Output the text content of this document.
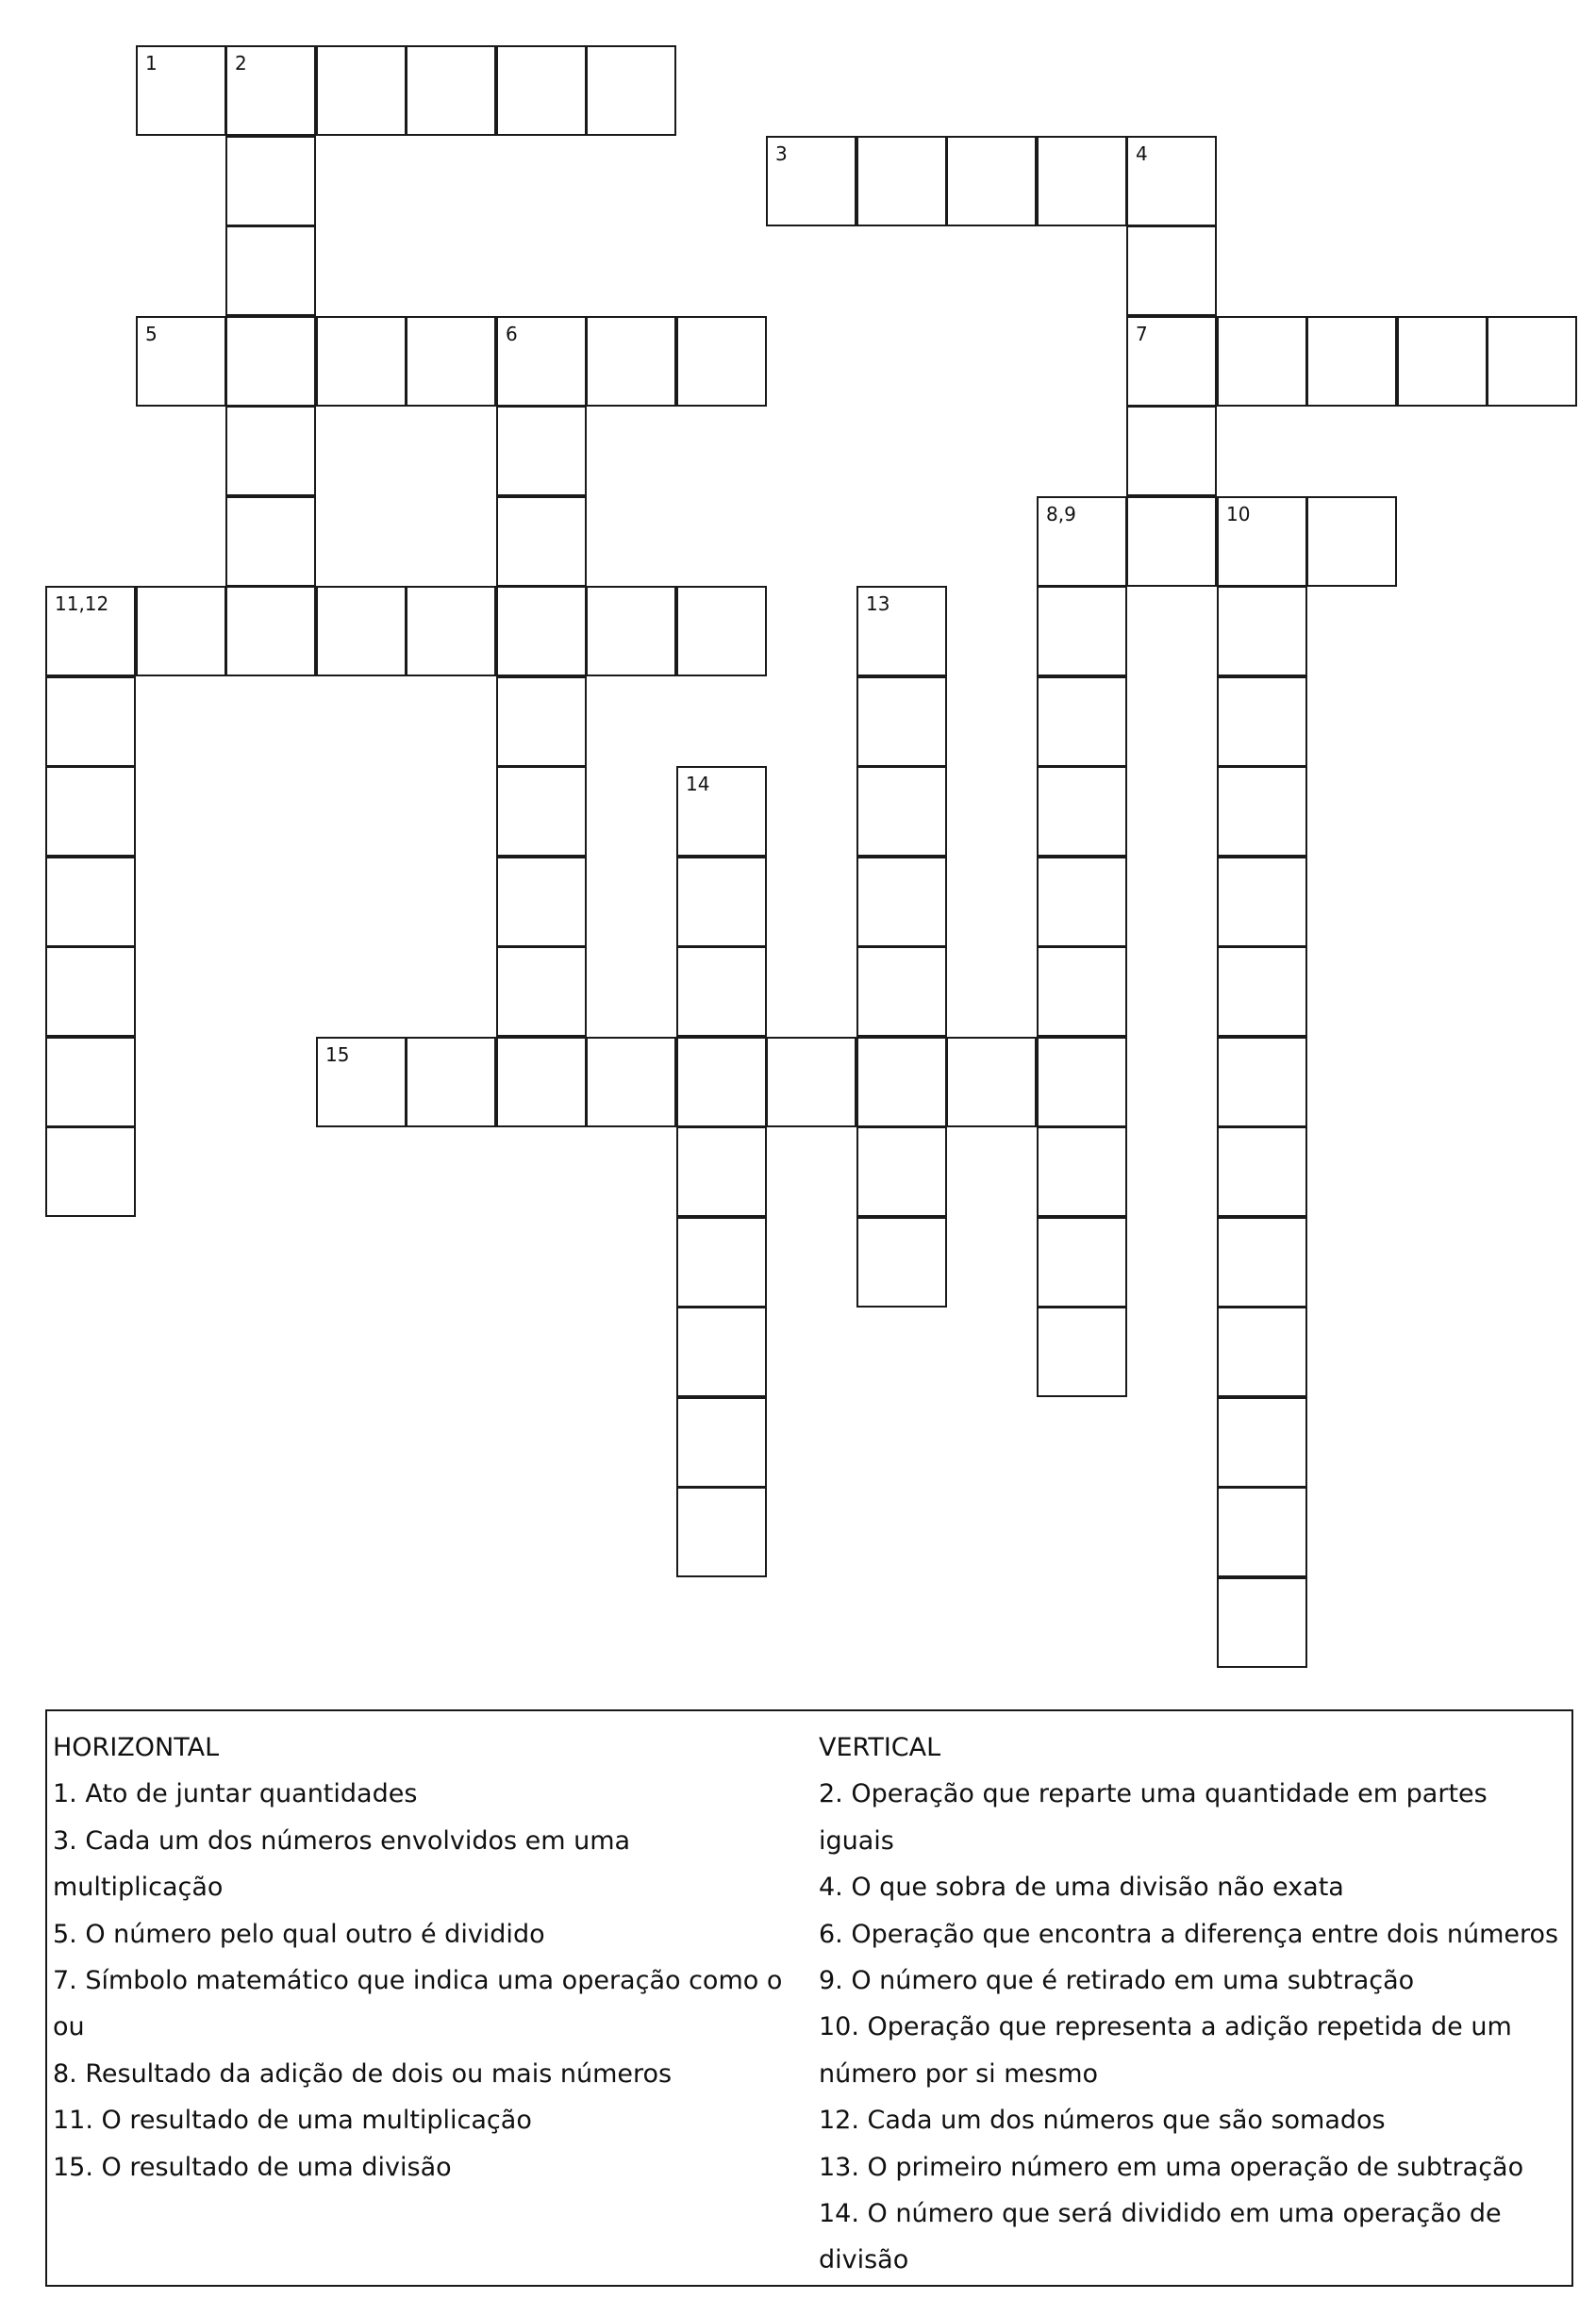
1	2
3	4
7
5	6
8,9	10
11,12	13
14
15
HORIZONTAL
1. Ato de juntar quantidades
3. Cada um dos números envolvidos em uma multiplicação
5. O número pelo qual outro é dividido
7. Símbolo matemático que indica uma operação como o ou
8. Resultado da adição de dois ou mais números
11. O resultado de uma multiplicação
15. O resultado de uma divisão
VERTICAL
2. Operação que reparte uma quantidade em partes iguais
4. O que sobra de uma divisão não exata
6. Operação que encontra a diferença entre dois números
9. O número que é retirado em uma subtração
10. Operação que representa a adição repetida de um número por si mesmo
12. Cada um dos números que são somados
13. O primeiro número em uma operação de subtração
14. O número que será dividido em uma operação de divisão
